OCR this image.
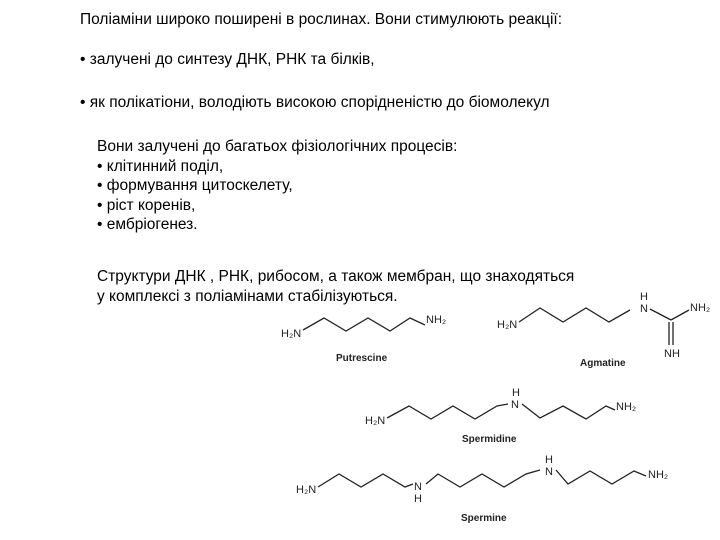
Поліаміни широко поширені в рослинах. Вони стимулюють реакції:
• залучені до синтезу ДНК, РНК та білків,
• як полікатіони, володіють високою спорідненістю до біомолекул
Вони залучені до багатьох фізіологічних процесів:
• клітинний поділ,
• формування цитоскелету,
• ріст коренів,
• ембріогенез.
Структури ДНК , РНК, рибосом, а також мембран, що знаходяться
у комплексі з поліамінами стабілізуються.
H₂N
NH₂
Putrescine
H₂N
H
N	NH₂
NH
Agmatine
H₂N
H
N	NH₂
Spermidine
H₂N	N
H
H
N	NH₂
Spermine
